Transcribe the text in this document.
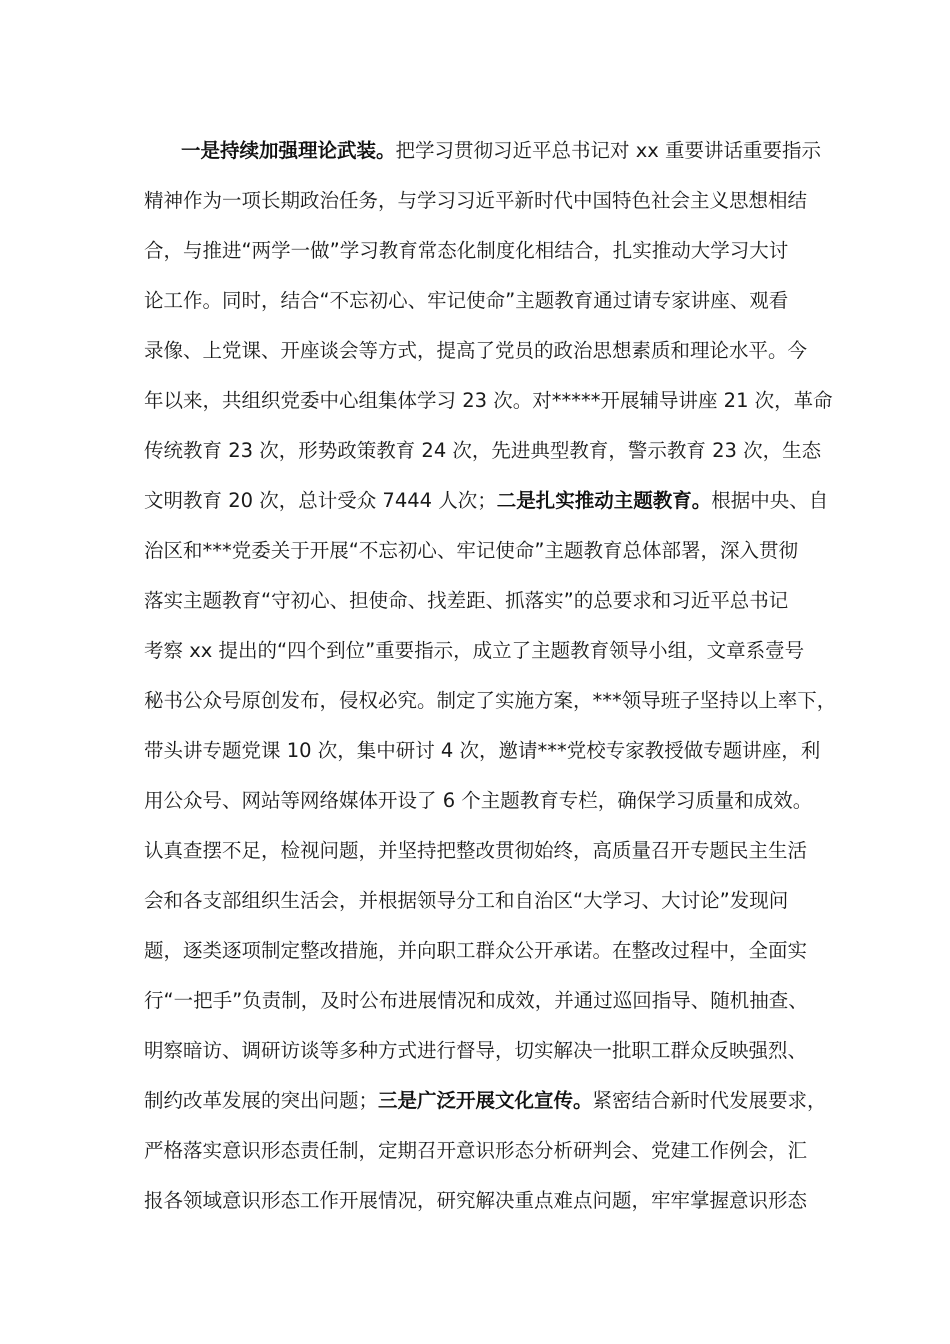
一是持续加强理论武装。把学习贯彻习近平总书记对 xx 重要讲话重要指示
精神作为一项长期政治任务，与学习习近平新时代中国特色社会主义思想相结
合，与推进“两学一做”学习教育常态化制度化相结合，扎实推动大学习大讨
论工作。同时，结合“不忘初心、牢记使命”主题教育通过请专家讲座、观看
录像、上党课、开座谈会等方式，提高了党员的政治思想素质和理论水平。今
年以来，共组织党委中心组集体学习 23 次。对*****开展辅导讲座 21 次，革命
传统教育 23 次，形势政策教育 24 次，先进典型教育，警示教育 23 次，生态
文明教育 20 次，总计受众 7444 人次；二是扎实推动主题教育。根据中央、自
治区和***党委关于开展“不忘初心、牢记使命”主题教育总体部署，深入贯彻
落实主题教育“守初心、担使命、找差距、抓落实”的总要求和习近平总书记
考察 xx 提出的“四个到位”重要指示，成立了主题教育领导小组，文章系壹号
秘书公众号原创发布，侵权必究。制定了实施方案，***领导班子坚持以上率下，
带头讲专题党课 10 次，集中研讨 4 次，邀请***党校专家教授做专题讲座，利
用公众号、网站等网络媒体开设了 6 个主题教育专栏，确保学习质量和成效。
认真查摆不足，检视问题，并坚持把整改贯彻始终，高质量召开专题民主生活
会和各支部组织生活会，并根据领导分工和自治区“大学习、大讨论”发现问
题，逐类逐项制定整改措施，并向职工群众公开承诺。在整改过程中，全面实
行“一把手”负责制，及时公布进展情况和成效，并通过巡回指导、随机抽查、
明察暗访、调研访谈等多种方式进行督导，切实解决一批职工群众反映强烈、
制约改革发展的突出问题；三是广泛开展文化宣传。紧密结合新时代发展要求，
严格落实意识形态责任制，定期召开意识形态分析研判会、党建工作例会，汇
报各领域意识形态工作开展情况，研究解决重点难点问题，牢牢掌握意识形态
